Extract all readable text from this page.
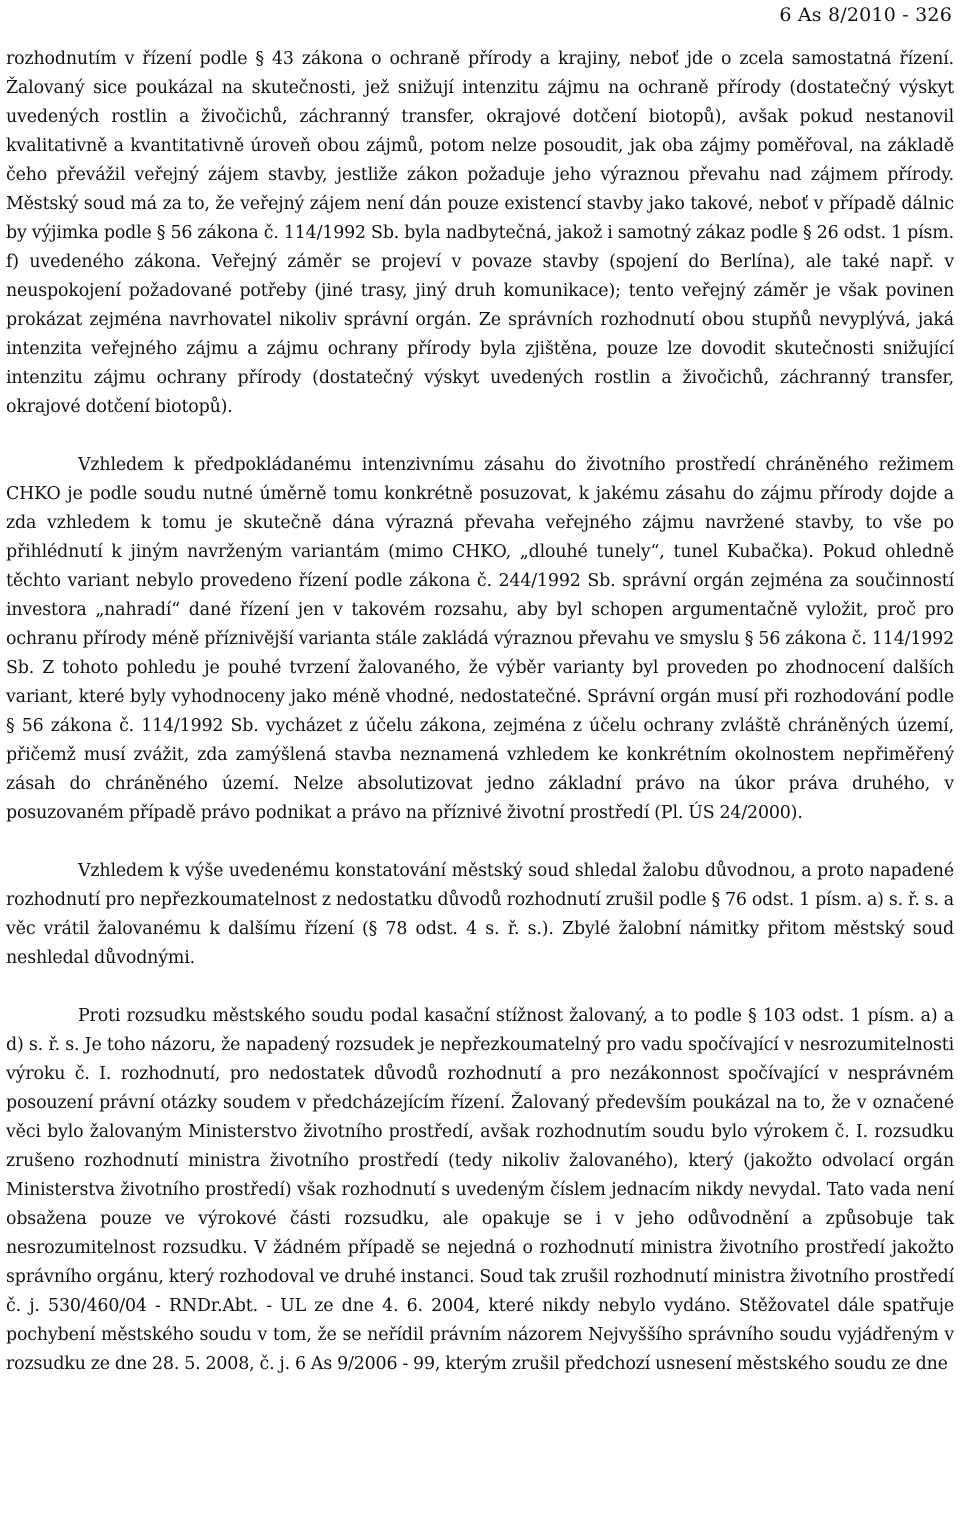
6 As 8/2010 - 326

rozhodnutím v řízení podle § 43 zákona o ochraně přírody a krajiny, neboť jde o zcela samostatná řízení. Žalovaný sice poukázal na skutečnosti, jež snižují intenzitu zájmu na ochraně přírody (dostatečný výskyt uvedených rostlin a živočichů, záchranný transfer, okrajové dotčení biotopů), avšak pokud nestanovil kvalitativně a kvantitativně úroveň obou zájmů, potom nelze posoudit, jak oba zájmy poměřoval, na základě čeho převážil veřejný zájem stavby, jestliže zákon požaduje jeho výraznou převahu nad zájmem přírody. Městský soud má za to, že veřejný zájem není dán pouze existencí stavby jako takové, neboť v případě dálnic by výjimka podle § 56 zákona č. 114/1992 Sb. byla nadbytečná, jakož i samotný zákaz podle § 26 odst. 1 písm. f) uvedeného zákona. Veřejný záměr se projeví v povaze stavby (spojení do Berlína), ale také např. v neuspokojení požadované potřeby (jiné trasy, jiný druh komunikace); tento veřejný záměr je však povinen prokázat zejména navrhovatel nikoliv správní orgán. Ze správních rozhodnutí obou stupňů nevyplývá, jaká intenzita veřejného zájmu a zájmu ochrany přírody byla zjištěna, pouze lze dovodit skutečnosti snižující intenzitu zájmu ochrany přírody (dostatečný výskyt uvedených rostlin a živočichů, záchranný transfer, okrajové dotčení biotopů).

Vzhledem k předpokládanému intenzivnímu zásahu do životního prostředí chráněného režimem CHKO je podle soudu nutné úměrně tomu konkrétně posuzovat, k jakému zásahu do zájmu přírody dojde a zda vzhledem k tomu je skutečně dána výrazná převaha veřejného zájmu navržené stavby, to vše po přihlédnutí k jiným navrženým variantám (mimo CHKO, „dlouhé tunely“, tunel Kubačka). Pokud ohledně těchto variant nebylo provedeno řízení podle zákona č. 244/1992 Sb. správní orgán zejména za součinností investora „nahradí“ dané řízení jen v takovém rozsahu, aby byl schopen argumentačně vyložit, proč pro ochranu přírody méně příznivější varianta stále zakládá výraznou převahu ve smyslu § 56 zákona č. 114/1992 Sb. Z tohoto pohledu je pouhé tvrzení žalovaného, že výběr varianty byl proveden po zhodnocení dalších variant, které byly vyhodnoceny jako méně vhodné, nedostatečné. Správní orgán musí při rozhodování podle § 56 zákona č. 114/1992 Sb. vycházet z účelu zákona, zejména z účelu ochrany zvláště chráněných území, přičemž musí zvážit, zda zamýšlená stavba neznamená vzhledem ke konkrétním okolnostem nepřiměřený zásah do chráněného území. Nelze absolutizovat jedno základní právo na úkor práva druhého, v posuzovaném případě právo podnikat a právo na příznivé životní prostředí (Pl. ÚS 24/2000).

Vzhledem k výše uvedenému konstatování městský soud shledal žalobu důvodnou, a proto napadené rozhodnutí pro nepřezkoumatelnost z nedostatku důvodů rozhodnutí zrušil podle § 76 odst. 1 písm. a) s. ř. s. a věc vrátil žalovanému k dalšímu řízení (§ 78 odst. 4 s. ř. s.). Zbylé žalobní námitky přitom městský soud neshledal důvodnými.

Proti rozsudku městského soudu podal kasační stížnost žalovaný, a to podle § 103 odst. 1 písm. a) a d) s. ř. s. Je toho názoru, že napadený rozsudek je nepřezkoumatelný pro vadu spočívající v nesrozumitelnosti výroku č. I. rozhodnutí, pro nedostatek důvodů rozhodnutí a pro nezákonnost spočívající v nesprávném posouzení právní otázky soudem v předcházejícím řízení. Žalovaný především poukázal na to, že v označené věci bylo žalovaným Ministerstvo životního prostředí, avšak rozhodnutím soudu bylo výrokem č. I. rozsudku zrušeno rozhodnutí ministra životního prostředí (tedy nikoliv žalovaného), který (jakožto odvolací orgán Ministerstva životního prostředí) však rozhodnutí s uvedeným číslem jednacím nikdy nevydal. Tato vada není obsažena pouze ve výrokové části rozsudku, ale opakuje se i v jeho odůvodnění a způsobuje tak nesrozumitelnost rozsudku. V žádném případě se nejedná o rozhodnutí ministra životního prostředí jakožto správního orgánu, který rozhodoval ve druhé instanci. Soud tak zrušil rozhodnutí ministra životního prostředí č. j. 530/460/04 - RNDr.Abt. - UL ze dne 4. 6. 2004, které nikdy nebylo vydáno. Stěžovatel dále spatřuje pochybení městského soudu v tom, že se neřídil právním názorem Nejvyššího správního soudu vyjádřeným v rozsudku ze dne 28. 5. 2008, č. j. 6 As 9/2006 - 99, kterým zrušil předchozí usnesení městského soudu ze dne
